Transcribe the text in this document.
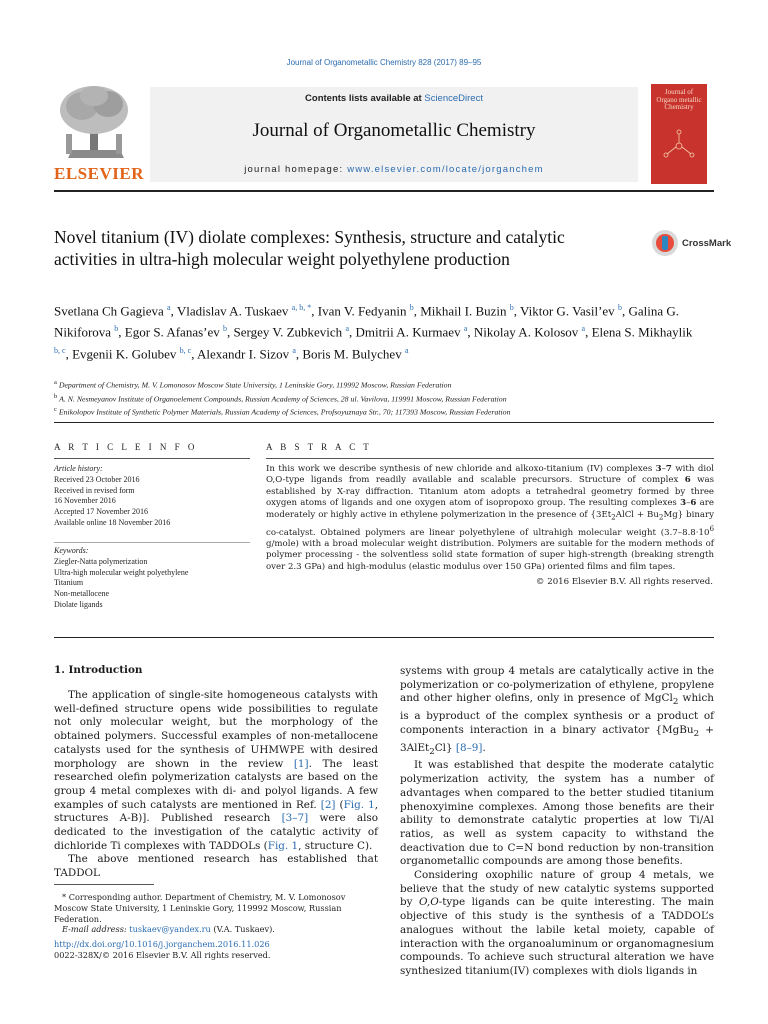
Journal of Organometallic Chemistry 828 (2017) 89–95
ELSEVIER
Contents lists available at ScienceDirect
Journal of Organometallic Chemistry
journal homepage: www.elsevier.com/locate/jorganchem
Journal of Organo metallic Chemistry
Novel titanium (IV) diolate complexes: Synthesis, structure and catalytic activities in ultra-high molecular weight polyethylene production
CrossMark
Svetlana Ch Gagieva $^a$, Vladislav A. Tuskaev $^{a, b, *}$, Ivan V. Fedyanin $^b$, Mikhail I. Buzin $^b$, Viktor G. Vasil’ev $^b$, Galina G. Nikiforova $^b$, Egor S. Afanas’ev $^b$, Sergey V. Zubkevich $^a$, Dmitrii A. Kurmaev $^a$, Nikolay A. Kolosov $^a$, Elena S. Mikhaylik $^{b, c}$, Evgenii K. Golubev $^{b, c}$, Alexandr I. Sizov $^a$, Boris M. Bulychev $^a$
$^a$ Department of Chemistry, M. V. Lomonosov Moscow State University, 1 Leninskie Gory, 119992 Moscow, Russian Federation
$^b$ A. N. Nesmeyanov Institute of Organoelement Compounds, Russian Academy of Sciences, 28 ul. Vavilova, 119991 Moscow, Russian Federation
$^c$ Enikolopov Institute of Synthetic Polymer Materials, Russian Academy of Sciences, Profsoyuznaya Str., 70; 117393 Moscow, Russian Federation
A R T I C L E I N F O	A B S T R A C T
Article history:
Received 23 October 2016
Received in revised form
16 November 2016
Accepted 17 November 2016
Available online 18 November 2016
Keywords:
Ziegler-Natta polymerization
Ultra-high molecular weight polyethylene
Titanium
Non-metallocene
Diolate ligands
In this work we describe synthesis of new chloride and alkoxo-titanium (IV) complexes 3–7 with diol O,O-type ligands from readily available and scalable precursors. Structure of complex 6 was established by X-ray diffraction. Titanium atom adopts a tetrahedral geometry formed by three oxygen atoms of ligands and one oxygen atom of isopropoxo group. The resulting complexes 3–6 are moderately or highly active in ethylene polymerization in the presence of $\{3Et_2AlCl + Bu_2Mg\}$ binary co-catalyst. Obtained polymers are linear polyethylene of ultrahigh molecular weight ($3.7-8.8\cdot 10^6$ g/mole) with a broad molecular weight distribution. Polymers are suitable for the modern methods of polymer processing - the solventless solid state formation of super high-strength (breaking strength over 2.3 GPa) and high-modulus (elastic modulus over 150 GPa) oriented films and film tapes.
© 2016 Elsevier B.V. All rights reserved.
1. Introduction

The application of single-site homogeneous catalysts with well-defined structure opens wide possibilities to regulate not only molecular weight, but the morphology of the obtained polymers. Successful examples of non-metallocene catalysts used for the synthesis of UHMWPE with desired morphology are shown in the review [1]. The least researched olefin polymerization catalysts are based on the group 4 metal complexes with di- and polyol ligands. A few examples of such catalysts are mentioned in Ref. [2] (Fig. 1, structures A-B)]. Published research [3–7] were also dedicated to the investigation of the catalytic activity of dichloride Ti complexes with TADDOLs (Fig. 1, structure C).

The above mentioned research has established that TADDOL

systems with group 4 metals are catalytically active in the polymerization or co-polymerization of ethylene, propylene and other higher olefins, only in presence of MgCl$_2$ which is a byproduct of the complex synthesis or a product of components interaction in a binary activator {MgBu$_2$ + 3AlEt$_2$Cl} [8–9].

It was established that despite the moderate catalytic polymerization activity, the system has a number of advantages when compared to the better studied titanium phenoxyimine complexes. Among those benefits are their ability to demonstrate catalytic properties at low Ti/Al ratios, as well as system capacity to withstand the deactivation due to C=N bond reduction by non-transition organometallic compounds are among those benefits.

Considering oxophilic nature of group 4 metals, we believe that the study of new catalytic systems supported by O,O-type ligands can be quite interesting. The main objective of this study is the synthesis of a TADDOL’s analogues without the labile ketal moiety, capable of interaction with the organoaluminum or organomagnesium compounds. To achieve such structural alteration we have synthesized titanium(IV) complexes with diols ligands in

* Corresponding author. Department of Chemistry, M. V. Lomonosov Moscow State University, 1 Leninskie Gory, 119992 Moscow, Russian Federation.

E-mail address: tuskaev@yandex.ru (V.A. Tuskaev).

http://dx.doi.org/10.1016/j.jorganchem.2016.11.026
0022-328X/© 2016 Elsevier B.V. All rights reserved.
